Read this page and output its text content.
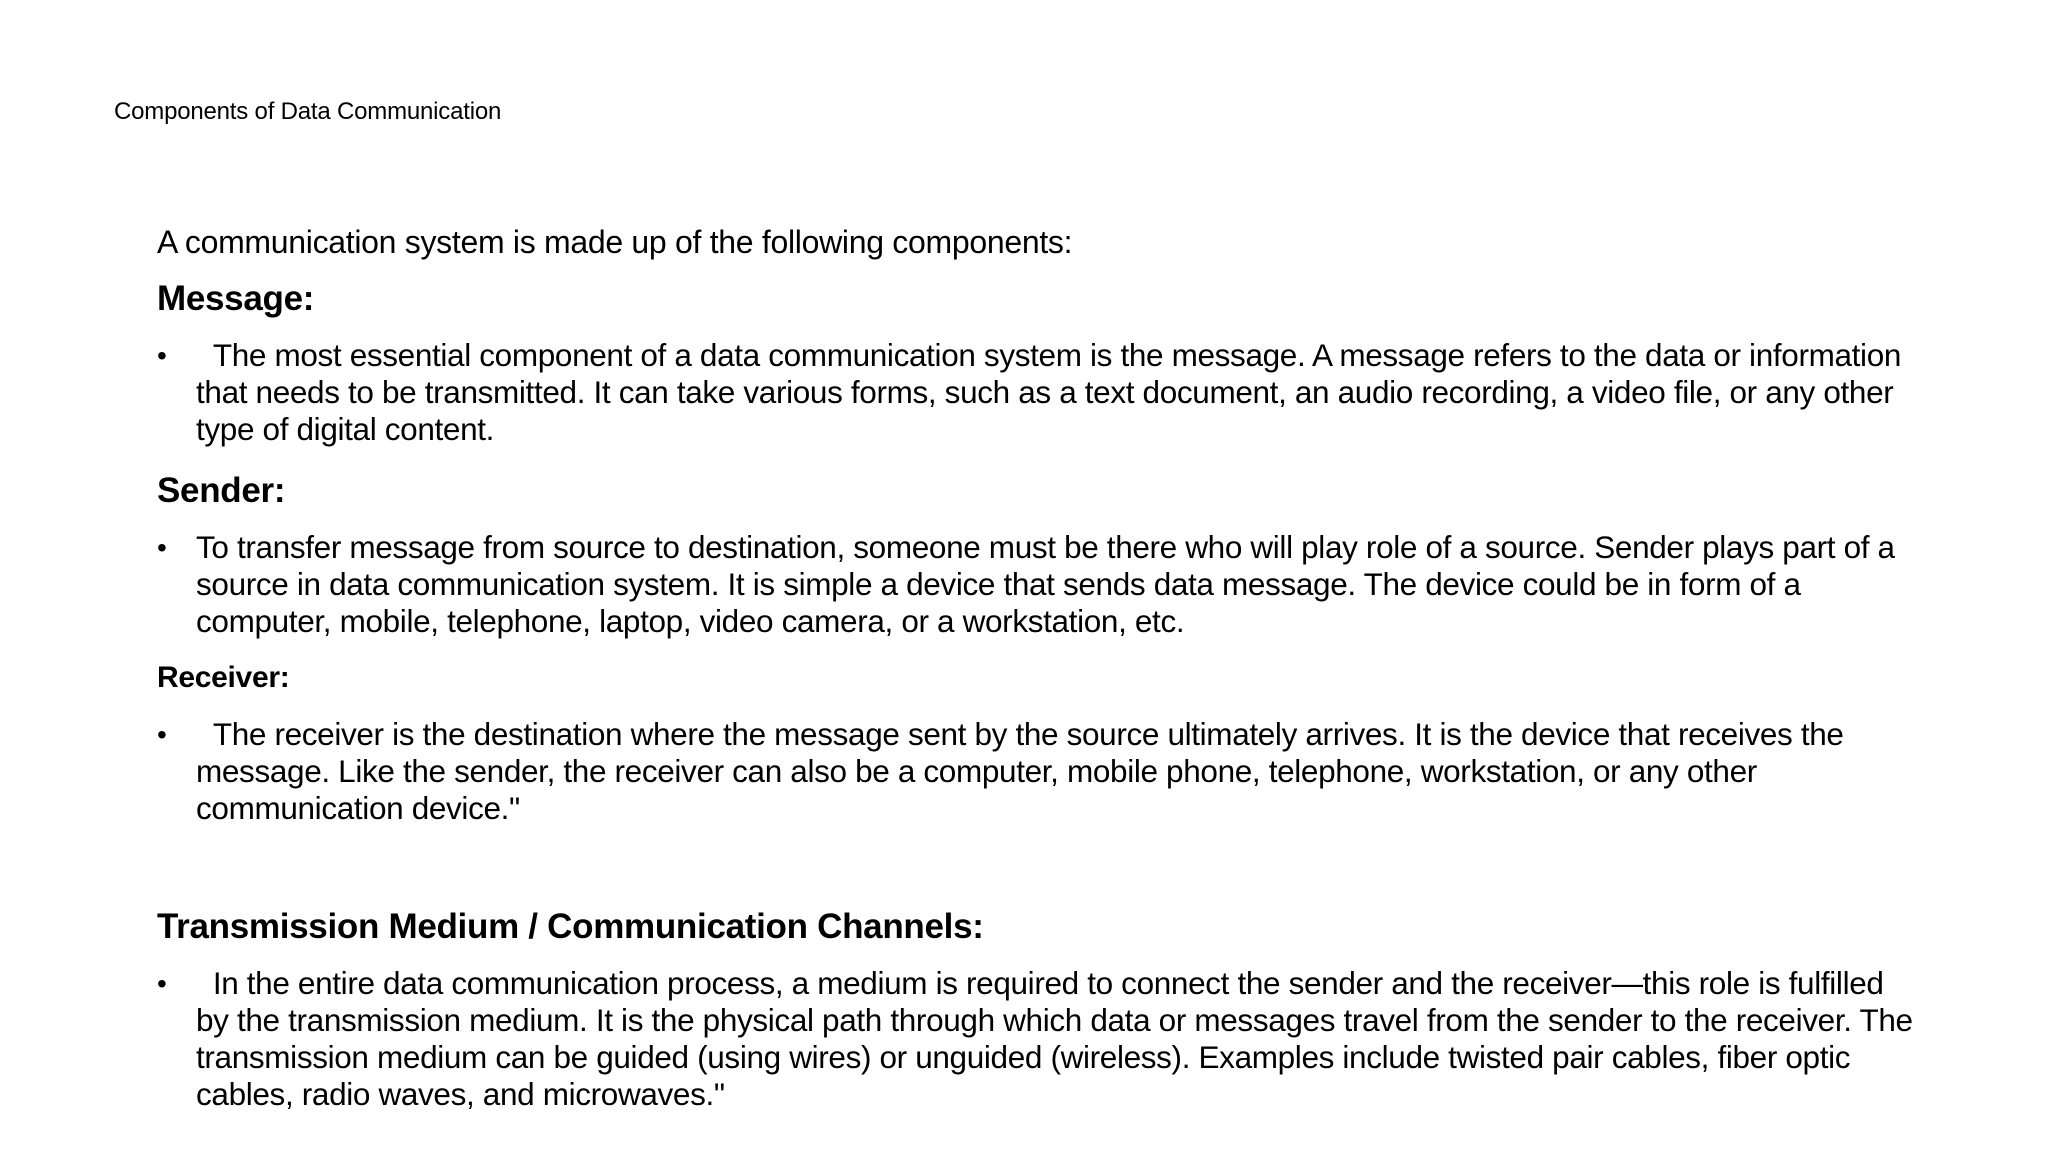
Components of Data Communication

A communication system is made up of the following components:

Message:

• The most essential component of a data communication system is the message. A message refers to the data or information that needs to be transmitted. It can take various forms, such as a text document, an audio recording, a video file, or any other type of digital content.

Sender:

• To transfer message from source to destination, someone must be there who will play role of a source. Sender plays part of a source in data communication system. It is simple a device that sends data message. The device could be in form of a computer, mobile, telephone, laptop, video camera, or a workstation, etc.

Receiver:

• The receiver is the destination where the message sent by the source ultimately arrives. It is the device that receives the message. Like the sender, the receiver can also be a computer, mobile phone, telephone, workstation, or any other communication device."

Transmission Medium / Communication Channels:

• In the entire data communication process, a medium is required to connect the sender and the receiver—this role is fulfilled by the transmission medium. It is the physical path through which data or messages travel from the sender to the receiver. The transmission medium can be guided (using wires) or unguided (wireless). Examples include twisted pair cables, fiber optic cables, radio waves, and microwaves."
